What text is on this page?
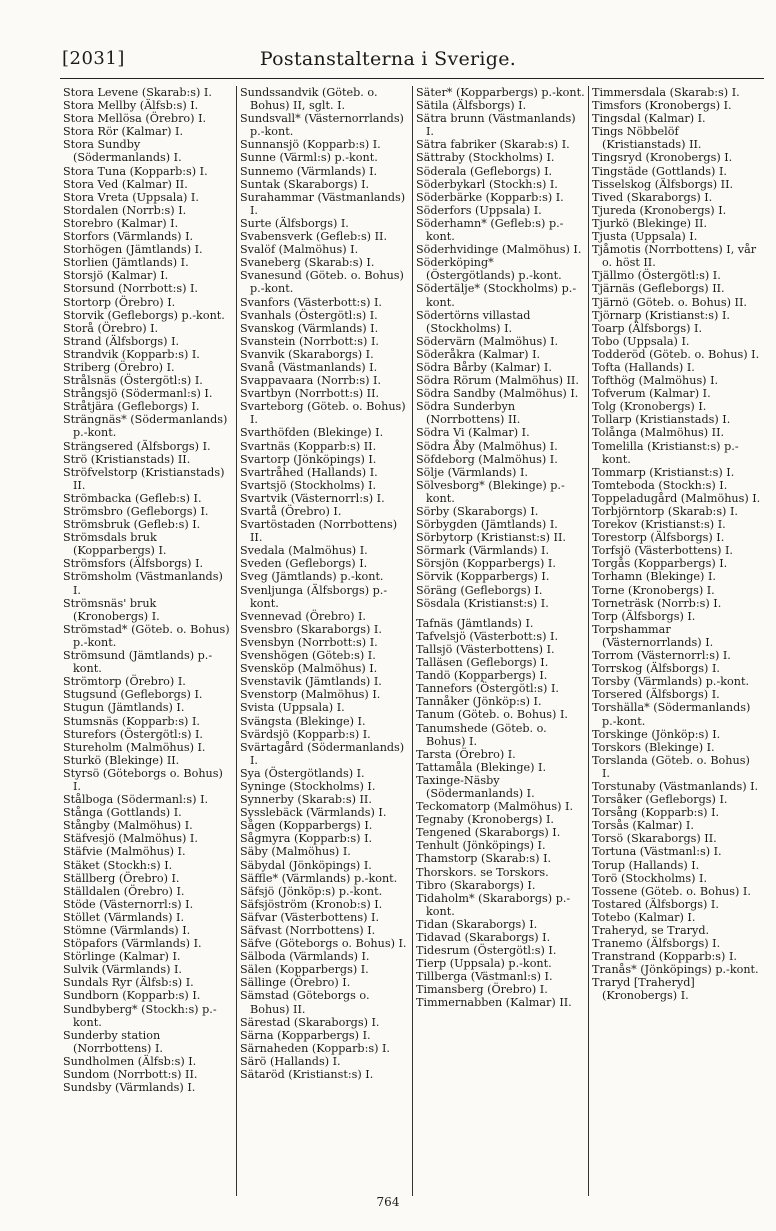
[2031]	Postanstalterna i Sverige.
Stora Levene (Skarab:s) I.
Stora Mellby (Älfsb:s) I.
Stora Mellösa (Örebro) I.
Stora Rör (Kalmar) I.
Stora Sundby (Södermanlands) I.
Stora Tuna (Kopparb:s) I.
Stora Ved (Kalmar) II.
Stora Vreta (Uppsala) I.
Stordalen (Norrb:s) I.
Storebro (Kalmar) I.
Storfors (Värmlands) I.
Storhögen (Jämtlands) I.
Storlien (Jämtlands) I.
Storsjö (Kalmar) I.
Storsund (Norrbott:s) I.
Stortorp (Örebro) I.
Storvik (Gefleborgs) p.-kont.
Storå (Örebro) I.
Strand (Älfsborgs) I.
Strandvik (Kopparb:s) I.
Striberg (Örebro) I.
Strålsnäs (Östergötl:s) I.
Strångsjö (Södermanl:s) I.
Stråtjära (Gefleborgs) I.
Strängnäs* (Södermanlands) p.-kont.
Strängsered (Älfsborgs) I.
Strö (Kristianstads) II.
Ströfvelstorp (Kristianstads) II.
Strömbacka (Gefleb:s) I.
Strömsbro (Gefleborgs) I.
Strömsbruk (Gefleb:s) I.
Strömsdals bruk (Kopparbergs) I.
Strömsfors (Älfsborgs) I.
Strömsholm (Västmanlands) I.
Strömsnäs' bruk (Kronobergs) I.
Strömstad* (Göteb. o. Bohus) p.-kont.
Strömsund (Jämtlands) p.-kont.
Strömtorp (Örebro) I.
Stugsund (Gefleborgs) I.
Stugun (Jämtlands) I.
Stumsnäs (Kopparb:s) I.
Sturefors (Östergötl:s) I.
Stureholm (Malmöhus) I.
Sturkö (Blekinge) II.
Styrsö (Göteborgs o. Bohus) I.
Stålboga (Södermanl:s) I.
Stånga (Gottlands) I.
Stångby (Malmöhus) I.
Stäfvesjö (Malmöhus) I.
Stäfvie (Malmöhus) I.
Stäket (Stockh:s) I.
Ställberg (Örebro) I.
Ställdalen (Örebro) I.
Stöde (Västernorrl:s) I.
Stöllet (Värmlands) I.
Stömne (Värmlands) I.
Stöpafors (Värmlands) I.
Störlinge (Kalmar) I.
Sulvik (Värmlands) I.
Sundals Ryr (Älfsb:s) I.
Sundborn (Kopparb:s) I.
Sundbyberg* (Stockh:s) p.-kont.
Sunderby station (Norrbottens) I.
Sundholmen (Älfsb:s) I.
Sundom (Norrbott:s) II.
Sundsby (Värmlands) I.
Sundssandvik (Göteb. o. Bohus) II, sglt. I.
Sundsvall* (Västernorrlands) p.-kont.
Sunnansjö (Kopparb:s) I.
Sunne (Värml:s) p.-kont.
Sunnemo (Värmlands) I.
Suntak (Skaraborgs) I.
Surahammar (Västmanlands) I.
Surte (Älfsborgs) I.
Svabensverk (Gefleb:s) II.
Svalöf (Malmöhus) I.
Svaneberg (Skarab:s) I.
Svanesund (Göteb. o. Bohus) p.-kont.
Svanfors (Västerbott:s) I.
Svanhals (Östergötl:s) I.
Svanskog (Värmlands) I.
Svanstein (Norrbott:s) I.
Svanvik (Skaraborgs) I.
Svanå (Västmanlands) I.
Svappavaara (Norrb:s) I.
Svartbyn (Norrbott:s) II.
Svarteborg (Göteb. o. Bohus) I.
Svarthöfden (Blekinge) I.
Svartnäs (Kopparb:s) II.
Svartorp (Jönköpings) I.
Svartråhed (Hallands) I.
Svartsjö (Stockholms) I.
Svartvik (Västernorrl:s) I.
Svartå (Örebro) I.
Svartöstaden (Norrbottens) II.
Svedala (Malmöhus) I.
Sveden (Gefleborgs) I.
Sveg (Jämtlands) p.-kont.
Svenljunga (Älfsborgs) p.-kont.
Svennevad (Örebro) I.
Svensbro (Skaraborgs) I.
Svensbyn (Norrbott:s) I.
Svenshögen (Göteb:s) I.
Svensköp (Malmöhus) I.
Svenstavik (Jämtlands) I.
Svenstorp (Malmöhus) I.
Svista (Uppsala) I.
Svängsta (Blekinge) I.
Svärdsjö (Kopparb:s) I.
Svärtagård (Södermanlands) I.
Sya (Östergötlands) I.
Syninge (Stockholms) I.
Synnerby (Skarab:s) II.
Sysslebäck (Värmlands) I.
Sågen (Kopparbergs) I.
Sågmyra (Kopparb:s) I.
Säby (Malmöhus) I.
Säbydal (Jönköpings) I.
Säffle* (Värmlands) p.-kont.
Säfsjö (Jönköp:s) p.-kont.
Säfsjöström (Kronob:s) I.
Säfvar (Västerbottens) I.
Säfvast (Norrbottens) I.
Säfve (Göteborgs o. Bohus) I.
Sälboda (Värmlands) I.
Sälen (Kopparbergs) I.
Sällinge (Örebro) I.
Sämstad (Göteborgs o. Bohus) II.
Särestad (Skaraborgs) I.
Särna (Kopparbergs) I.
Särnaheden (Kopparb:s) I.
Särö (Hallands) I.
Sätaröd (Kristianst:s) I.
Säter* (Kopparbergs) p.-kont.
Sätila (Älfsborgs) I.
Sätra brunn (Västmanlands) I.
Sätra fabriker (Skarab:s) I.
Sättraby (Stockholms) I.
Söderala (Gefleborgs) I.
Söderbykarl (Stockh:s) I.
Söderbärke (Kopparb:s) I.
Söderfors (Uppsala) I.
Söderhamn* (Gefleb:s) p.-kont.
Söderhvidinge (Malmöhus) I.
Söderköping* (Östergötlands) p.-kont.
Södertälje* (Stockholms) p.-kont.
Södertörns villastad (Stockholms) I.
Södervärn (Malmöhus) I.
Söderåkra (Kalmar) I.
Södra Bårby (Kalmar) I.
Södra Rörum (Malmöhus) II.
Södra Sandby (Malmöhus) I.
Södra Sunderbyn (Norrbottens) II.
Södra Vi (Kalmar) I.
Södra Åby (Malmöhus) I.
Söfdeborg (Malmöhus) I.
Sölje (Värmlands) I.
Sölvesborg* (Blekinge) p.-kont.
Sörby (Skaraborgs) I.
Sörbygden (Jämtlands) I.
Sörbytorp (Kristianst:s) II.
Sörmark (Värmlands) I.
Sörsjön (Kopparbergs) I.
Sörvik (Kopparbergs) I.
Söräng (Gefleborgs) I.
Sösdala (Kristianst:s) I.
Tafnäs (Jämtlands) I.
Tafvelsjö (Västerbott:s) I.
Tallsjö (Västerbottens) I.
Talläsen (Gefleborgs) I.
Tandö (Kopparbergs) I.
Tannefors (Östergötl:s) I.
Tannåker (Jönköp:s) I.
Tanum (Göteb. o. Bohus) I.
Tanumshede (Göteb. o. Bohus) I.
Tarsta (Örebro) I.
Tattamåla (Blekinge) I.
Taxinge-Näsby (Södermanlands) I.
Teckomatorp (Malmöhus) I.
Tegnaby (Kronobergs) I.
Tengened (Skaraborgs) I.
Tenhult (Jönköpings) I.
Thamstorp (Skarab:s) I.
Thorskors. se Torskors.
Tibro (Skaraborgs) I.
Tidaholm* (Skaraborgs) p.-kont.
Tidan (Skaraborgs) I.
Tidavad (Skaraborgs) I.
Tidesrum (Östergötl:s) I.
Tierp (Uppsala) p.-kont.
Tillberga (Västmanl:s) I.
Timansberg (Örebro) I.
Timmernabben (Kalmar) II.
Timmersdala (Skarab:s) I.
Timsfors (Kronobergs) I.
Tingsdal (Kalmar) I.
Tings Nöbbelöf (Kristianstads) II.
Tingsryd (Kronobergs) I.
Tingstäde (Gottlands) I.
Tisselskog (Älfsborgs) II.
Tived (Skaraborgs) I.
Tjureda (Kronobergs) I.
Tjurkö (Blekinge) II.
Tjusta (Uppsala) I.
Tjåmotis (Norrbottens) I, vår o. höst II.
Tjällmo (Östergötl:s) I.
Tjärnäs (Gefleborgs) II.
Tjärnö (Göteb. o. Bohus) II.
Tjörnarp (Kristianst:s) I.
Toarp (Älfsborgs) I.
Tobo (Uppsala) I.
Todderöd (Göteb. o. Bohus) I.
Tofta (Hallands) I.
Tofthög (Malmöhus) I.
Tofverum (Kalmar) I.
Tolg (Kronobergs) I.
Tollarp (Kristianstads) I.
Tolånga (Malmöhus) II.
Tomelilla (Kristianst:s) p.-kont.
Tommarp (Kristianst:s) I.
Tomteboda (Stockh:s) I.
Toppeladugård (Malmöhus) I.
Torbjörntorp (Skarab:s) I.
Torekov (Kristianst:s) I.
Torestorp (Älfsborgs) I.
Torfsjö (Västerbottens) I.
Torgås (Kopparbergs) I.
Torhamn (Blekinge) I.
Torne (Kronobergs) I.
Torneträsk (Norrb:s) I.
Torp (Älfsborgs) I.
Torpshammar (Västernorrlands) I.
Torrom (Västernorrl:s) I.
Torrskog (Älfsborgs) I.
Torsby (Värmlands) p.-kont.
Torsered (Älfsborgs) I.
Torshälla* (Södermanlands) p.-kont.
Torskinge (Jönköp:s) I.
Torskors (Blekinge) I.
Torslanda (Göteb. o. Bohus) I.
Torstunaby (Västmanlands) I.
Torsåker (Gefleborgs) I.
Torsång (Kopparb:s) I.
Torsås (Kalmar) I.
Torsö (Skaraborgs) II.
Tortuna (Västmanl:s) I.
Torup (Hallands) I.
Torö (Stockholms) I.
Tossene (Göteb. o. Bohus) I.
Tostared (Älfsborgs) I.
Totebo (Kalmar) I.
Traheryd, se Traryd.
Tranemo (Älfsborgs) I.
Transtrand (Kopparb:s) I.
Tranås* (Jönköpings) p.-kont.
Traryd [Traheryd] (Kronobergs) I.
764
